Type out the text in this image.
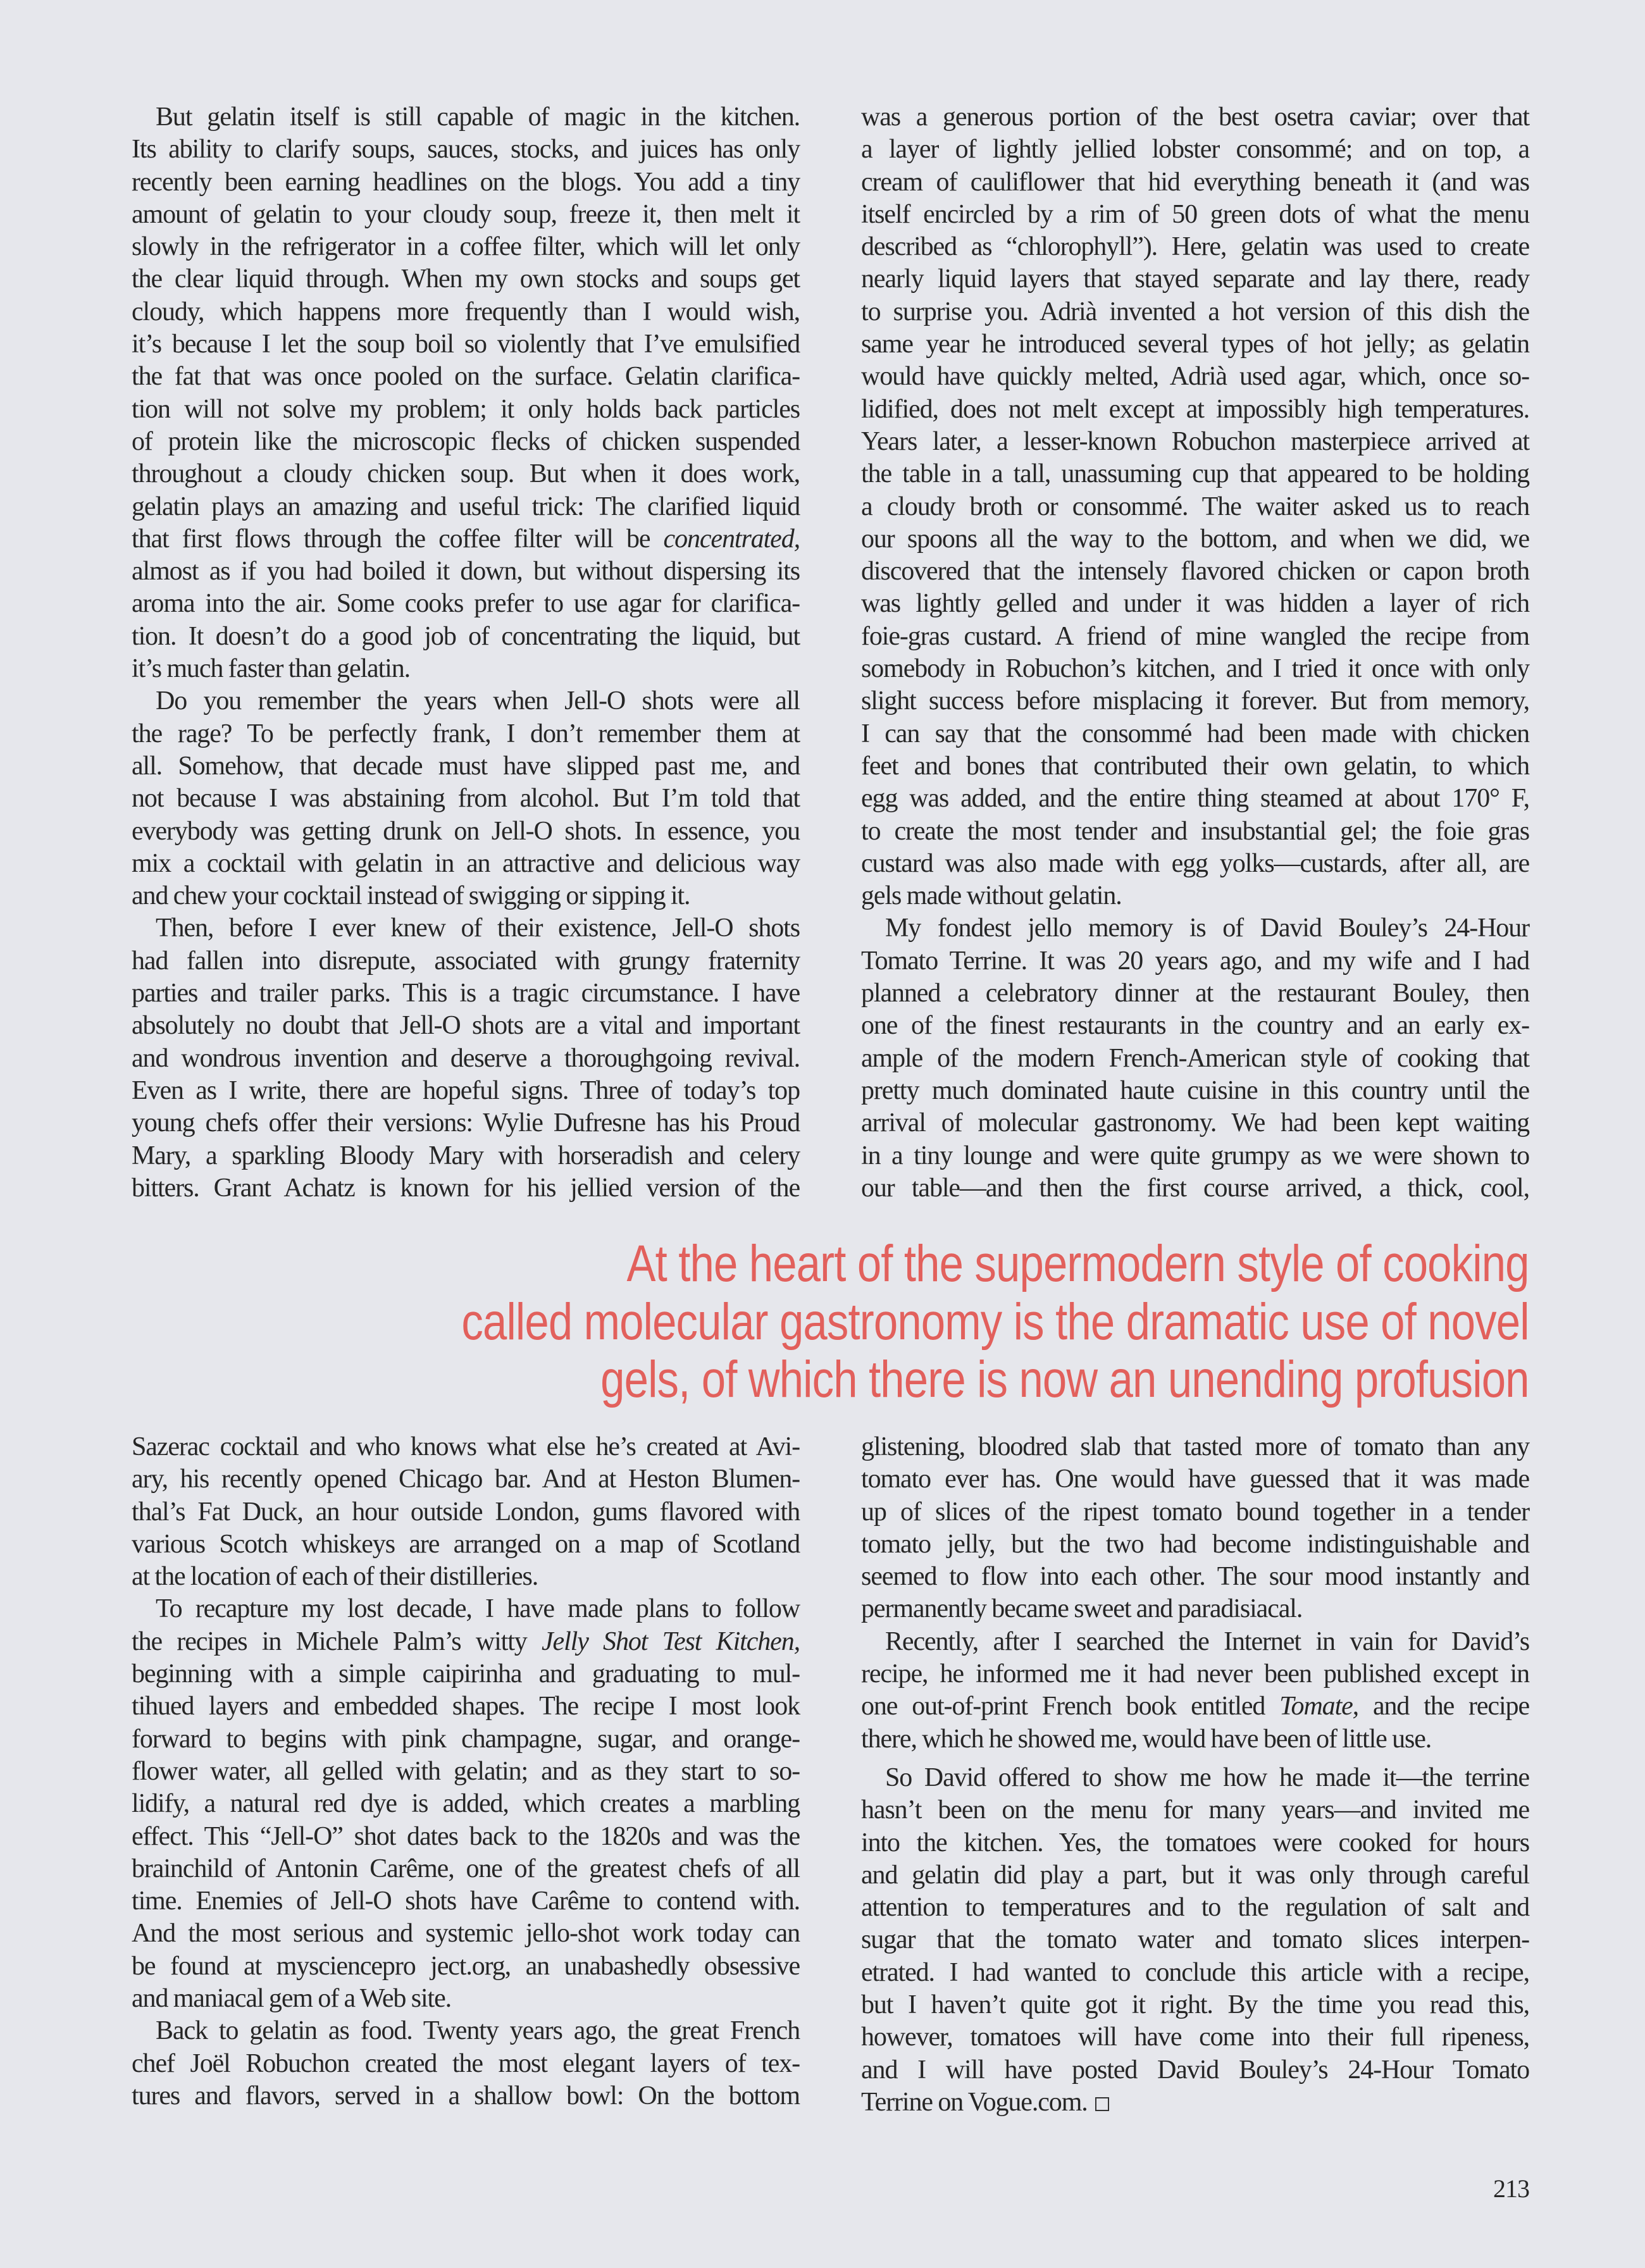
But gelatin itself is still capable of magic in the kitchen.
Its ability to clarify soups, sauces, stocks, and juices has only
recently been earning headlines on the blogs. You add a tiny
amount of gelatin to your cloudy soup, freeze it, then melt it
slowly in the refrigerator in a coffee filter, which will let only
the clear liquid through. When my own stocks and soups get
cloudy, which happens more frequently than I would wish,
it’s because I let the soup boil so violently that I’ve emulsified
the fat that was once pooled on the surface. Gelatin clarifica-
tion will not solve my problem; it only holds back particles
of protein like the microscopic flecks of chicken suspended
throughout a cloudy chicken soup. But when it does work,
gelatin plays an amazing and useful trick: The clarified liquid
that first flows through the coffee filter will be concentrated,
almost as if you had boiled it down, but without dispersing its
aroma into the air. Some cooks prefer to use agar for clarifica-
tion. It doesn’t do a good job of concentrating the liquid, but
it’s much faster than gelatin.
Do you remember the years when Jell-O shots were all
the rage? To be perfectly frank, I don’t remember them at
all. Somehow, that decade must have slipped past me, and
not because I was abstaining from alcohol. But I’m told that
everybody was getting drunk on Jell-O shots. In essence, you
mix a cocktail with gelatin in an attractive and delicious way
and chew your cocktail instead of swigging or sipping it.
Then, before I ever knew of their existence, Jell-O shots
had fallen into disrepute, associated with grungy fraternity
parties and trailer parks. This is a tragic circumstance. I have
absolutely no doubt that Jell-O shots are a vital and important
and wondrous invention and deserve a thoroughgoing revival.
Even as I write, there are hopeful signs. Three of today’s top
young chefs offer their versions: Wylie Dufresne has his Proud
Mary, a sparkling Bloody Mary with horseradish and celery
bitters. Grant Achatz is known for his jellied version of the
was a generous portion of the best osetra caviar; over that
a layer of lightly jellied lobster consommé; and on top, a
cream of cauliflower that hid everything beneath it (and was
itself encircled by a rim of 50 green dots of what the menu
described as “chlorophyll”). Here, gelatin was used to create
nearly liquid layers that stayed separate and lay there, ready
to surprise you. Adrià invented a hot version of this dish the
same year he introduced several types of hot jelly; as gelatin
would have quickly melted, Adrià used agar, which, once so-
lidified, does not melt except at impossibly high temperatures.
Years later, a lesser-known Robuchon masterpiece arrived at
the table in a tall, unassuming cup that appeared to be holding
a cloudy broth or consommé. The waiter asked us to reach
our spoons all the way to the bottom, and when we did, we
discovered that the intensely flavored chicken or capon broth
was lightly gelled and under it was hidden a layer of rich
foie-gras custard. A friend of mine wangled the recipe from
somebody in Robuchon’s kitchen, and I tried it once with only
slight success before misplacing it forever. But from memory,
I can say that the consommé had been made with chicken
feet and bones that contributed their own gelatin, to which
egg was added, and the entire thing steamed at about 170° F,
to create the most tender and insubstantial gel; the foie gras
custard was also made with egg yolks—custards, after all, are
gels made without gelatin.
My fondest jello memory is of David Bouley’s 24-Hour
Tomato Terrine. It was 20 years ago, and my wife and I had
planned a celebratory dinner at the restaurant Bouley, then
one of the finest restaurants in the country and an early ex-
ample of the modern French-American style of cooking that
pretty much dominated haute cuisine in this country until the
arrival of molecular gastronomy. We had been kept waiting
in a tiny lounge and were quite grumpy as we were shown to
our table—and then the first course arrived, a thick, cool,
At the heart of the supermodern style of cooking
called molecular gastronomy is the dramatic use of novel
gels, of which there is now an unending profusion
Sazerac cocktail and who knows what else he’s created at Avi-
ary, his recently opened Chicago bar. And at Heston Blumen-
thal’s Fat Duck, an hour outside London, gums flavored with
various Scotch whiskeys are arranged on a map of Scotland
at the location of each of their distilleries.
To recapture my lost decade, I have made plans to follow
the recipes in Michele Palm’s witty Jelly Shot Test Kitchen,
beginning with a simple caipirinha and graduating to mul-
tihued layers and embedded shapes. The recipe I most look
forward to begins with pink champagne, sugar, and orange-
flower water, all gelled with gelatin; and as they start to so-
lidify, a natural red dye is added, which creates a marbling
effect. This “Jell-O” shot dates back to the 1820s and was the
brainchild of Antonin Carême, one of the greatest chefs of all
time. Enemies of Jell-O shots have Carême to contend with.
And the most serious and systemic jello-shot work today can
be found at mysciencepro ject.org, an unabashedly obsessive
and maniacal gem of a Web site.
Back to gelatin as food. Twenty years ago, the great French
chef Joël Robuchon created the most elegant layers of tex-
tures and flavors, served in a shallow bowl: On the bottom
glistening, bloodred slab that tasted more of tomato than any
tomato ever has. One would have guessed that it was made
up of slices of the ripest tomato bound together in a tender
tomato jelly, but the two had become indistinguishable and
seemed to flow into each other. The sour mood instantly and
permanently became sweet and paradisiacal.
Recently, after I searched the Internet in vain for David’s
recipe, he informed me it had never been published except in
one out-of-print French book entitled Tomate, and the recipe
there, which he showed me, would have been of little use.
So David offered to show me how he made it—the terrine
hasn’t been on the menu for many years—and invited me
into the kitchen. Yes, the tomatoes were cooked for hours
and gelatin did play a part, but it was only through careful
attention to temperatures and to the regulation of salt and
sugar that the tomato water and tomato slices interpen-
etrated. I had wanted to conclude this article with a recipe,
but I haven’t quite got it right. By the time you read this,
however, tomatoes will have come into their full ripeness,
and I will have posted David Bouley’s 24-Hour Tomato
Terrine on Vogue.com.
213
